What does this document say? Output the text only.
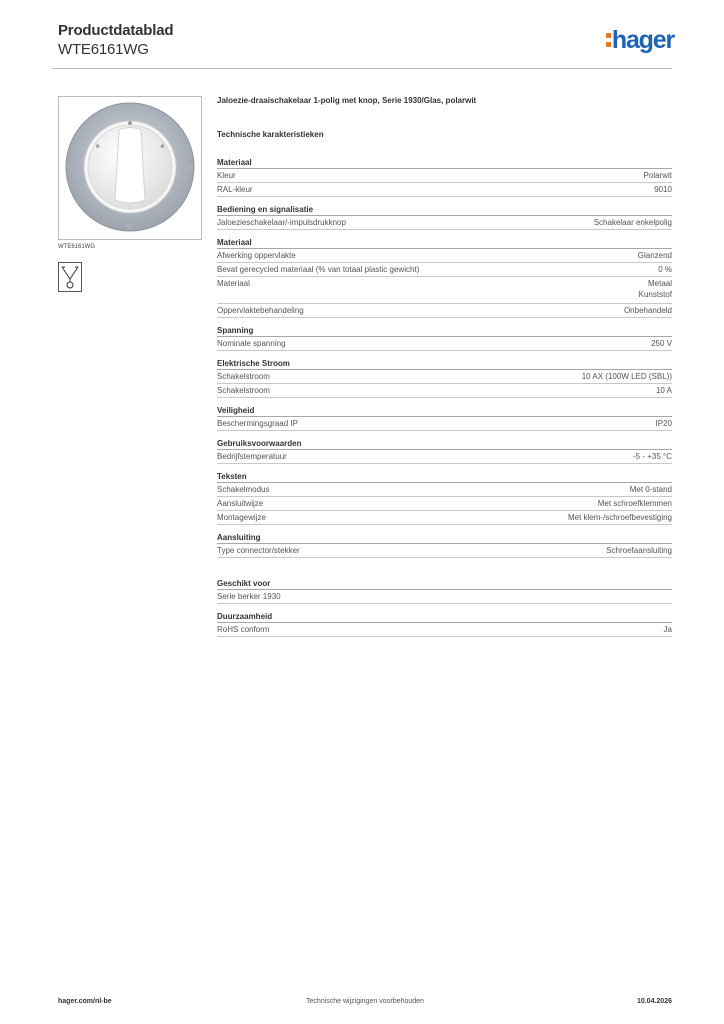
Productdatablad
WTE6161WG	hager
WTE6161WG
Jaloezie-draaischakelaar 1-polig met knop, Serie 1930/Glas, polarwit
Technische karakteristieken
Materiaal
Kleur	Polarwit
RAL-kleur	9010
Bediening en signalisatie
Jaloezieschakelaar/-impulsdrukknop	Schakelaar enkelpolig
Materiaal
Afwerking oppervlakte	Glanzend
Bevat gerecycled materiaal (% van totaal plastic gewicht)	0 %
Materiaal	Metaal
Kunststof
Oppervlaktebehandeling	Onbehandeld
Spanning
Nominale spanning	250 V
Elektrische Stroom
Schakelstroom	10 AX (100W LED (SBL))
Schakelstroom	10 A
Veiligheid
Beschermingsgraad IP	IP20
Gebruiksvoorwaarden
Bedrijfstemperatuur	-5 - +35 °C
Teksten
Schakelmodus	Met 0-stand
Aansluitwijze	Met schroefklemmen
Montagewijze	Met klem-/schroefbevestiging
Aansluiting
Type connector/stekker	Schroefaansluiting
Geschikt voor
Serie berker 1930
Duurzaamheid
RoHS conform	Ja
hager.com/nl-be	Technische wijzigingen voorbehouden	10.04.2026
